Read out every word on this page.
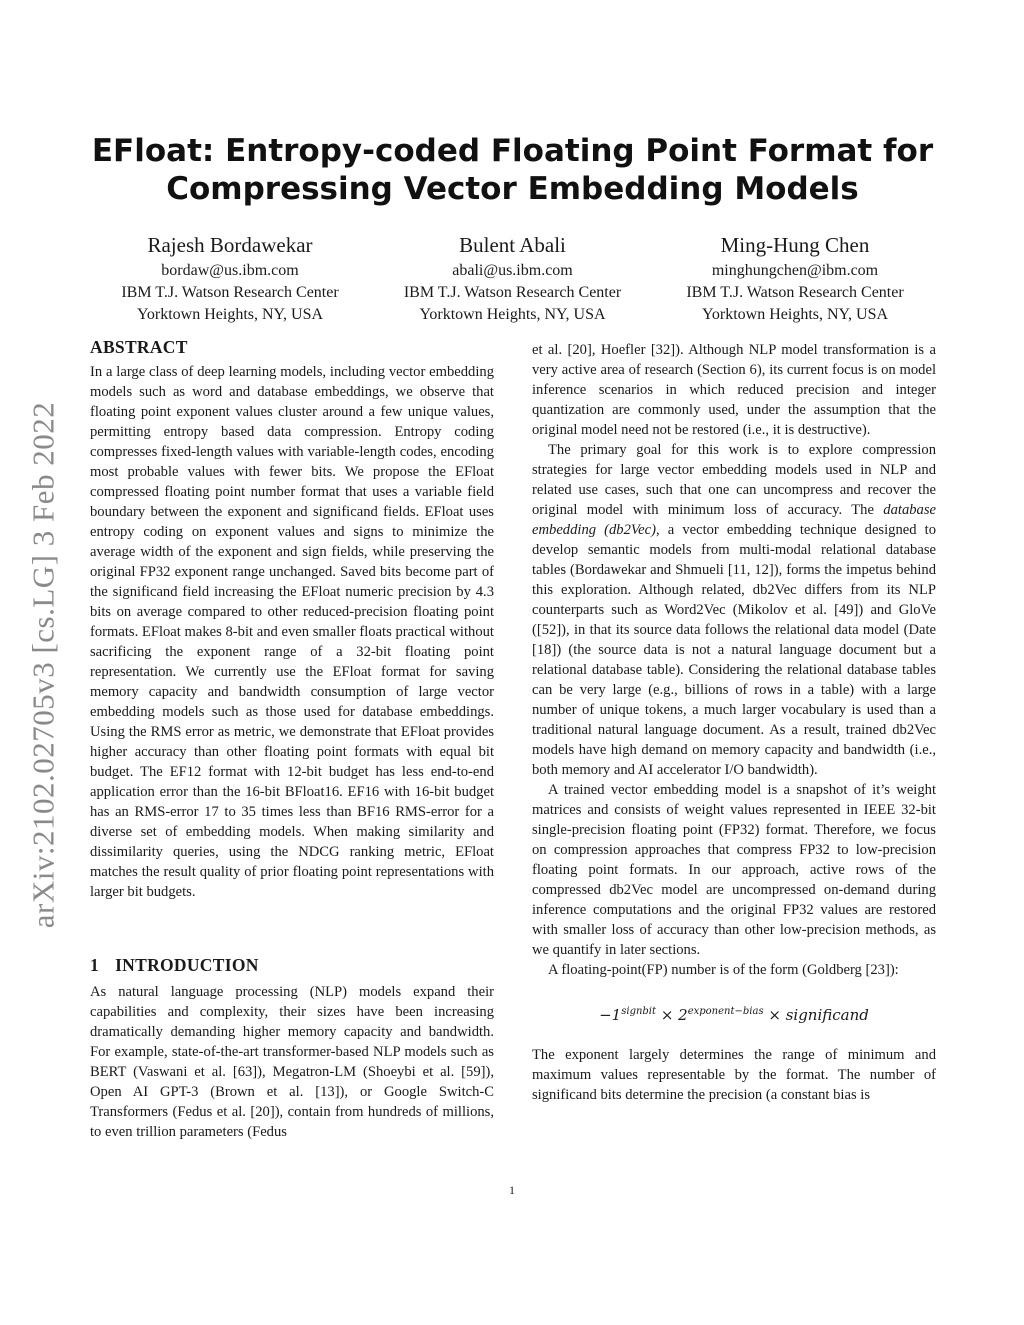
arXiv:2102.02705v3 [cs.LG] 3 Feb 2022
EFloat: Entropy-coded Floating Point Format for Compressing Vector Embedding Models
Rajesh Bordawekar
bordaw@us.ibm.com
IBM T.J. Watson Research Center
Yorktown Heights, NY, USA
Bulent Abali
abali@us.ibm.com
IBM T.J. Watson Research Center
Yorktown Heights, NY, USA
Ming-Hung Chen
minghungchen@ibm.com
IBM T.J. Watson Research Center
Yorktown Heights, NY, USA
ABSTRACT

In a large class of deep learning models, including vector embedding models such as word and database embeddings, we observe that floating point exponent values cluster around a few unique values, permitting entropy based data compression. Entropy coding compresses fixed-length values with variable-length codes, encoding most probable values with fewer bits. We propose the EFloat compressed floating point number format that uses a variable field boundary between the exponent and significand fields. EFloat uses entropy coding on exponent values and signs to minimize the average width of the exponent and sign fields, while preserving the original FP32 exponent range unchanged. Saved bits become part of the significand field increasing the EFloat numeric precision by 4.3 bits on average compared to other reduced-precision floating point formats. EFloat makes 8-bit and even smaller floats practical without sacrificing the exponent range of a 32-bit floating point representation. We currently use the EFloat format for saving memory capacity and bandwidth consumption of large vector embedding models such as those used for database embeddings. Using the RMS error as metric, we demonstrate that EFloat provides higher accuracy than other floating point formats with equal bit budget. The EF12 format with 12-bit budget has less end-to-end application error than the 16-bit BFloat16. EF16 with 16-bit budget has an RMS-error 17 to 35 times less than BF16 RMS-error for a diverse set of embedding models. When making similarity and dissimilarity queries, using the NDCG ranking metric, EFloat matches the result quality of prior floating point representations with larger bit budgets.

1 INTRODUCTION

As natural language processing (NLP) models expand their capabilities and complexity, their sizes have been increasing dramatically demanding higher memory capacity and bandwidth. For example, state-of-the-art transformer-based NLP models such as BERT (Vaswani et al. [63]), Megatron-LM (Shoeybi et al. [59]), Open AI GPT-3 (Brown et al. [13]), or Google Switch-C Transformers (Fedus et al. [20]), contain from hundreds of millions, to even trillion parameters (Fedus

et al. [20], Hoefler [32]). Although NLP model transformation is a very active area of research (Section 6), its current focus is on model inference scenarios in which reduced precision and integer quantization are commonly used, under the assumption that the original model need not be restored (i.e., it is destructive).

The primary goal for this work is to explore compression strategies for large vector embedding models used in NLP and related use cases, such that one can uncompress and recover the original model with minimum loss of accuracy. The database embedding (db2Vec), a vector embedding technique designed to develop semantic models from multi-modal relational database tables (Bordawekar and Shmueli [11, 12]), forms the impetus behind this exploration. Although related, db2Vec differs from its NLP counterparts such as Word2Vec (Mikolov et al. [49]) and GloVe ([52]), in that its source data follows the relational data model (Date [18]) (the source data is not a natural language document but a relational database table). Considering the relational database tables can be very large (e.g., billions of rows in a table) with a large number of unique tokens, a much larger vocabulary is used than a traditional natural language document. As a result, trained db2Vec models have high demand on memory capacity and bandwidth (i.e., both memory and AI accelerator I/O bandwidth).

A trained vector embedding model is a snapshot of it’s weight matrices and consists of weight values represented in IEEE 32-bit single-precision floating point (FP32) format. Therefore, we focus on compression approaches that compress FP32 to low-precision floating point formats. In our approach, active rows of the compressed db2Vec model are uncompressed on-demand during inference computations and the original FP32 values are restored with smaller loss of accuracy than other low-precision methods, as we quantify in later sections.

A floating-point(FP) number is of the form (Goldberg [23]):

$-1^{signbit} \times 2^{exponent-bias}$ × significand

The exponent largely determines the range of minimum and maximum values representable by the format. The number of significand bits determine the precision (a constant bias is

1
